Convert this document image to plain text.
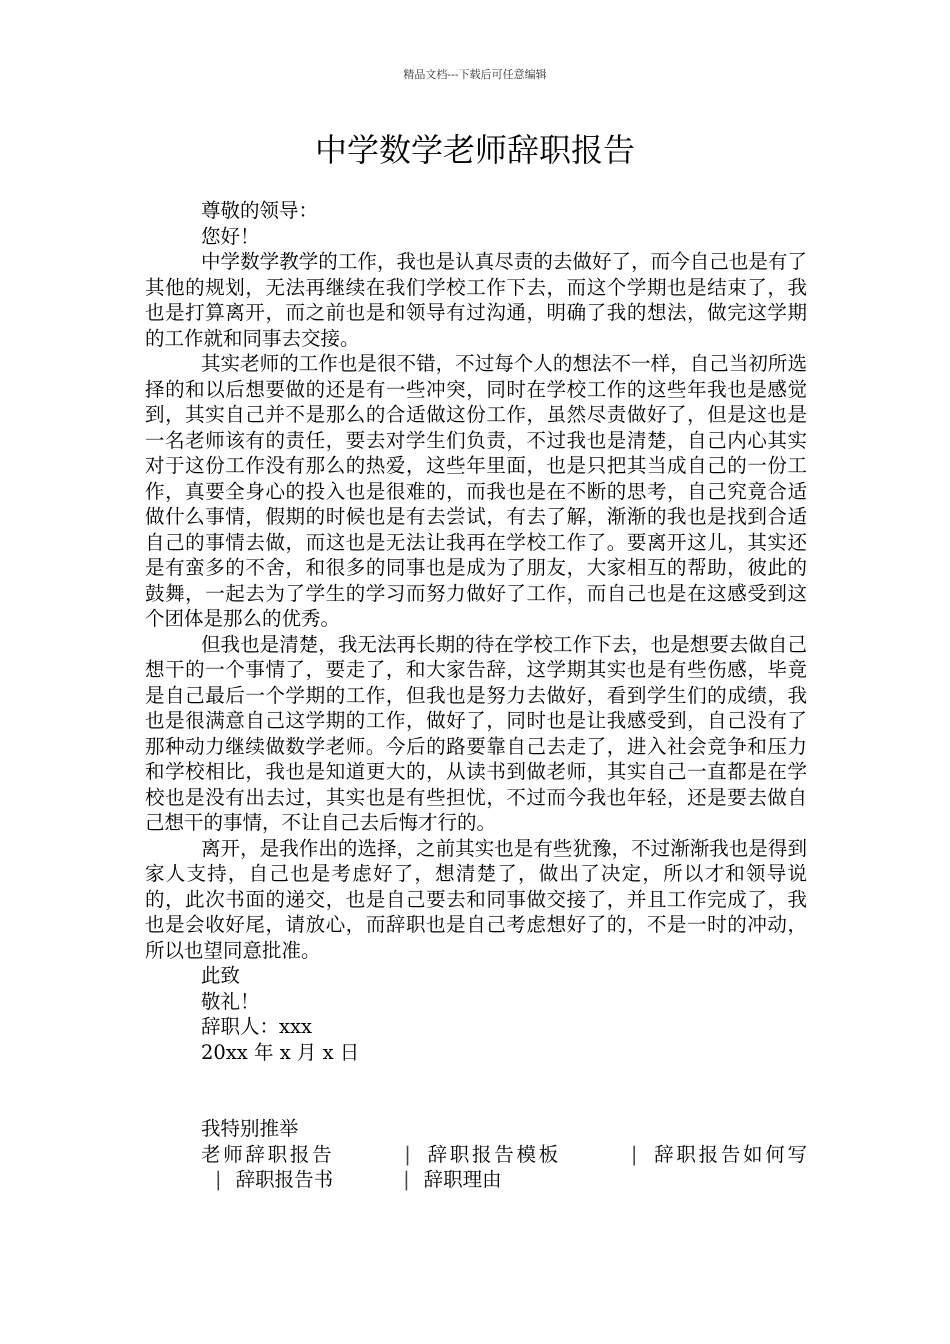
精品文档---下载后可任意编辑
中学数学老师辞职报告

尊敬的领导：

您好！

中学数学教学的工作，我也是认真尽责的去做好了，而今自己也是有了其他的规划，无法再继续在我们学校工作下去，而这个学期也是结束了，我也是打算离开，而之前也是和领导有过沟通，明确了我的想法，做完这学期的工作就和同事去交接。

其实老师的工作也是很不错，不过每个人的想法不一样，自己当初所选择的和以后想要做的还是有一些冲突，同时在学校工作的这些年我也是感觉到，其实自己并不是那么的合适做这份工作，虽然尽责做好了，但是这也是一名老师该有的责任，要去对学生们负责，不过我也是清楚，自己内心其实对于这份工作没有那么的热爱，这些年里面，也是只把其当成自己的一份工作，真要全身心的投入也是很难的，而我也是在不断的思考，自己究竟合适做什么事情，假期的时候也是有去尝试，有去了解，渐渐的我也是找到合适自己的事情去做，而这也是无法让我再在学校工作了。要离开这儿，其实还是有蛮多的不舍，和很多的同事也是成为了朋友，大家相互的帮助，彼此的鼓舞，一起去为了学生的学习而努力做好了工作，而自己也是在这感受到这个团体是那么的优秀。

但我也是清楚，我无法再长期的待在学校工作下去，也是想要去做自己想干的一个事情了，要走了，和大家告辞，这学期其实也是有些伤感，毕竟是自己最后一个学期的工作，但我也是努力去做好，看到学生们的成绩，我也是很满意自己这学期的工作，做好了，同时也是让我感受到，自己没有了那种动力继续做数学老师。今后的路要靠自己去走了，进入社会竞争和压力和学校相比，我也是知道更大的，从读书到做老师，其实自己一直都是在学校也是没有出去过，其实也是有些担忧，不过而今我也年轻，还是要去做自己想干的事情，不让自己去后悔才行的。

离开，是我作出的选择，之前其实也是有些犹豫，不过渐渐我也是得到家人支持，自己也是考虑好了，想清楚了，做出了决定，所以才和领导说的，此次书面的递交，也是自己要去和同事做交接了，并且工作完成了，我也是会收好尾，请放心，而辞职也是自己考虑想好了的，不是一时的冲动，所以也望同意批准。

此致

敬礼！

辞职人：xxx

20xx 年 x 月 x 日

我特别推举

老师辞职报告	| 辞职报告模板	| 辞职报告如何写| 辞职报告书	| 辞职理由
